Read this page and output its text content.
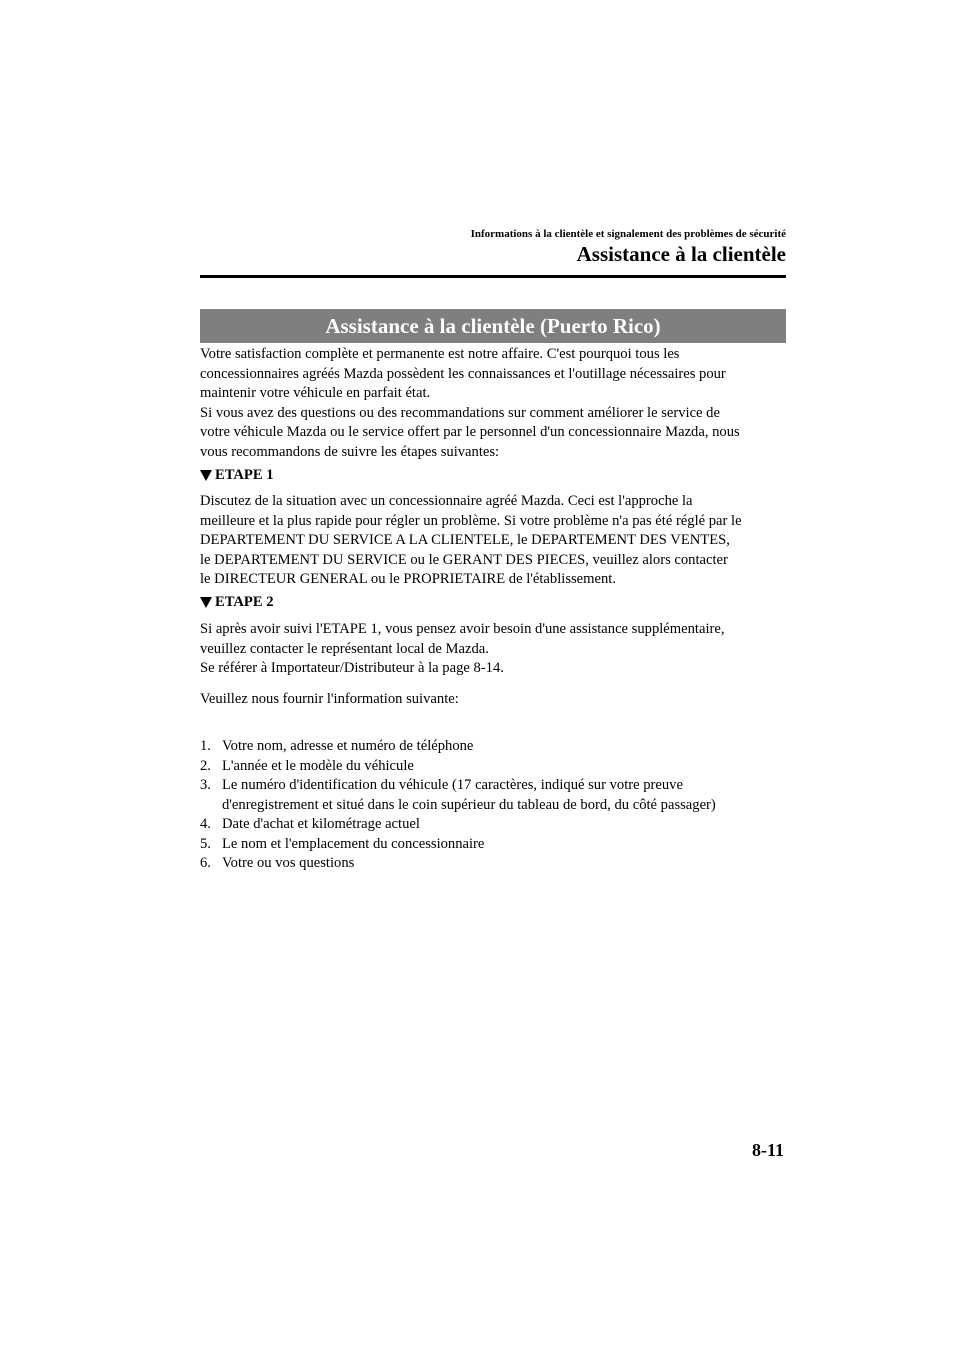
Informations à la clientèle et signalement des problèmes de sécurité
Assistance à la clientèle
Assistance à la clientèle (Puerto Rico)

Votre satisfaction complète et permanente est notre affaire. C'est pourquoi tous les

concessionnaires agréés Mazda possèdent les connaissances et l'outillage nécessaires pour

maintenir votre véhicule en parfait état.

Si vous avez des questions ou des recommandations sur comment améliorer le service de

votre véhicule Mazda ou le service offert par le personnel d'un concessionnaire Mazda, nous

vous recommandons de suivre les étapes suivantes:

ETAPE 1

Discutez de la situation avec un concessionnaire agréé Mazda. Ceci est l'approche la

meilleure et la plus rapide pour régler un problème. Si votre problème n'a pas été réglé par le

DEPARTEMENT DU SERVICE A LA CLIENTELE, le DEPARTEMENT DES VENTES,

le DEPARTEMENT DU SERVICE ou le GERANT DES PIECES, veuillez alors contacter

le DIRECTEUR GENERAL ou le PROPRIETAIRE de l'établissement.

ETAPE 2

Si après avoir suivi l'ETAPE 1, vous pensez avoir besoin d'une assistance supplémentaire,

veuillez contacter le représentant local de Mazda.

Se référer à Importateur/Distributeur à la page 8-14.

Veuillez nous fournir l'information suivante:

1. Votre nom, adresse et numéro de téléphone
2. L'année et le modèle du véhicule
3. Le numéro d'identification du véhicule (17 caractères, indiqué sur votre preuve
d'enregistrement et situé dans le coin supérieur du tableau de bord, du côté passager)
4. Date d'achat et kilométrage actuel
5. Le nom et l'emplacement du concessionnaire
6. Votre ou vos questions
8-11
